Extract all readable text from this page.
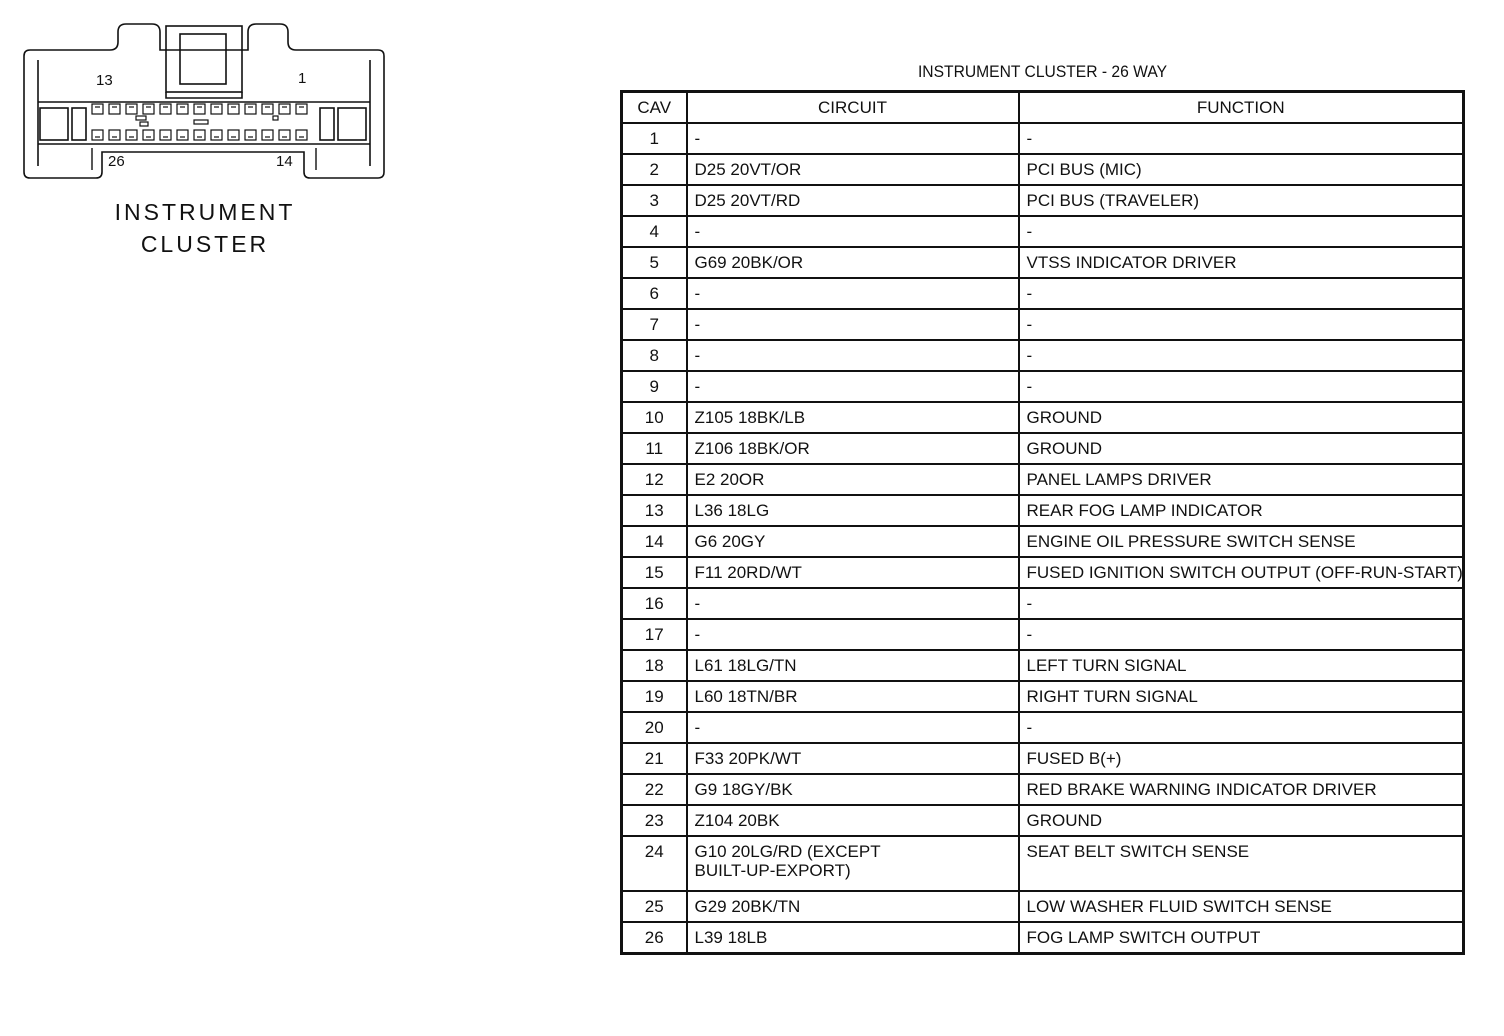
13	1
26	14
INSTRUMENT
CLUSTER
INSTRUMENT CLUSTER - 26 WAY
CAV	CIRCUIT	FUNCTION
1	-	-
2	D25 20VT/OR	PCI BUS (MIC)
3	D25 20VT/RD	PCI BUS (TRAVELER)
4	-	-
5	G69 20BK/OR	VTSS INDICATOR DRIVER
6	-	-
7	-	-
8	-	-
9	-	-
10	Z105 18BK/LB	GROUND
11	Z106 18BK/OR	GROUND
12	E2 20OR	PANEL LAMPS DRIVER
13	L36 18LG	REAR FOG LAMP INDICATOR
14	G6 20GY	ENGINE OIL PRESSURE SWITCH SENSE
15	F11 20RD/WT	FUSED IGNITION SWITCH OUTPUT (OFF-RUN-START)
16	-	-
17	-	-
18	L61 18LG/TN	LEFT TURN SIGNAL
19	L60 18TN/BR	RIGHT TURN SIGNAL
20	-	-
21	F33 20PK/WT	FUSED B(+)
22	G9 18GY/BK	RED BRAKE WARNING INDICATOR DRIVER
23	Z104 20BK	GROUND
24	G10 20LG/RD (EXCEPT
BUILT-UP-EXPORT)	SEAT BELT SWITCH SENSE
25	G29 20BK/TN	LOW WASHER FLUID SWITCH SENSE
26	L39 18LB	FOG LAMP SWITCH OUTPUT
